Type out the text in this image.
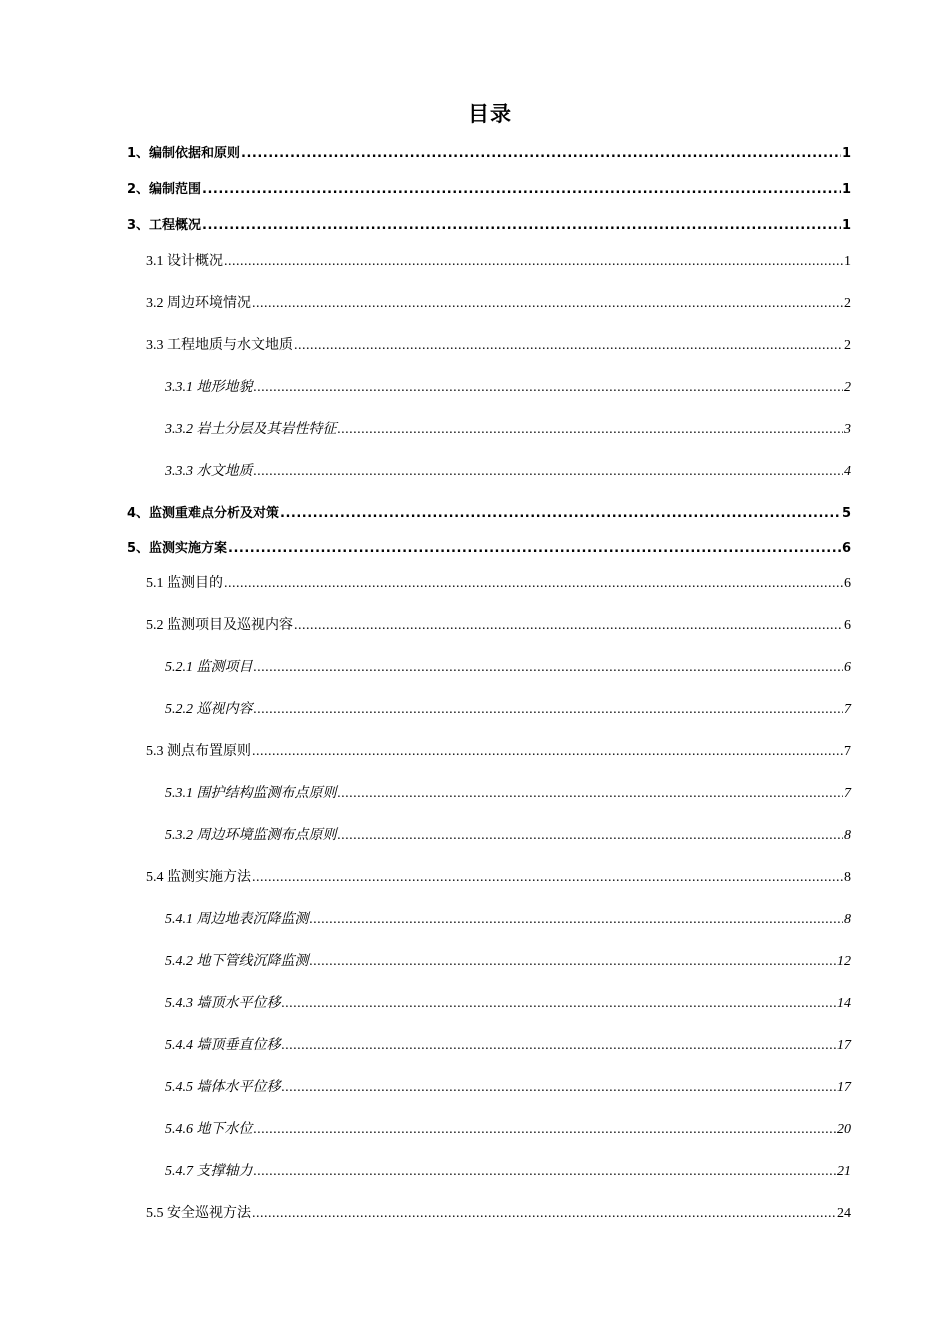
目录
1、编制依据和原则 .....	1
2、编制范围 .....	1
3、工程概况 .....	1
3.1 设计概况 .....	1
3.2 周边环境情况 .....	2
3.3 工程地质与水文地质 .....	2
3.3.1 地形地貌 .....	2
3.3.2 岩土分层及其岩性特征 .....	3
3.3.3 水文地质 .....	4
4、监测重难点分析及对策 .....	5
5、监测实施方案 .....	6
5.1 监测目的 .....	6
5.2 监测项目及巡视内容 .....	6
5.2.1 监测项目 .....	6
5.2.2 巡视内容 .....	7
5.3 测点布置原则 .....	7
5.3.1 围护结构监测布点原则 .....	7
5.3.2 周边环境监测布点原则 .....	8
5.4 监测实施方法 .....	8
5.4.1 周边地表沉降监测 .....	8
5.4.2 地下管线沉降监测 .....	12
5.4.3 墙顶水平位移 .....	14
5.4.4 墙顶垂直位移 .....	17
5.4.5 墙体水平位移 .....	17
5.4.6 地下水位 .....	20
5.4.7 支撑轴力 .....	21
5.5 安全巡视方法 .....	24
